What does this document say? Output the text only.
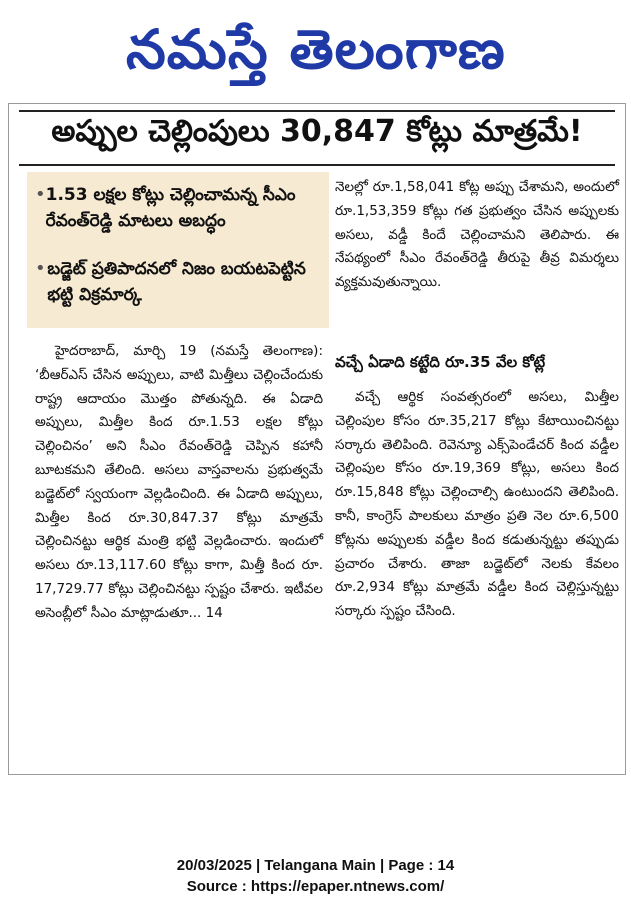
నమస్తే తెలంగాణ
అప్పుల చెల్లింపులు 30,847 కోట్లు మాత్రమే!
• 1.53 లక్షల కోట్లు చెల్లించామన్న సీఎం రేవంత్‌రెడ్డి మాటలు అబద్ధం
• బడ్జెట్ ప్రతిపాదనలో నిజం బయటపెట్టిన భట్టి విక్రమార్క

హైదరాబాద్, మార్చి 19 (నమస్తే తెలంగాణ): ‘బీఆర్ఎస్ చేసిన అప్పులు, వాటి మిత్తీలు చెల్లించేందుకు రాష్ట్ర ఆదాయం మొత్తం పోతున్నది. ఈ ఏడాది అప్పులు, మిత్తీల కింద రూ.1.53 లక్షల కోట్లు చెల్లించినం’ అని సీఎం రేవంత్‌రెడ్డి చెప్పిన కహానీ బూటకమని తేలింది. అసలు వాస్తవాలను ప్రభుత్వమే బడ్జెట్‌లో స్వయంగా వెల్లడించింది. ఈ ఏడాది అప్పులు, మిత్తీల కింద రూ.30,847.37 కోట్లు మాత్రమే చెల్లించినట్టు ఆర్థిక మంత్రి భట్టి వెల్లడించారు. ఇందులో అసలు రూ.13,117.60 కోట్లు కాగా, మిత్తీ కింద రూ. 17,729.77 కోట్లు చెల్లించినట్టు స్పష్టం చేశారు. ఇటీవల అసెంబ్లీలో సీఎం మాట్లాడుతూ... 14

నెలల్లో రూ.1,58,041 కోట్ల అప్పు చేశామని, అందులో రూ.1,53,359 కోట్లు గత ప్రభుత్వం చేసిన అప్పులకు అసలు, వడ్డీ కిందే చెల్లించామని తెలిపారు. ఈ నేపథ్యంలో సీఎం రేవంత్‌రెడ్డి తీరుపై తీవ్ర విమర్శలు వ్యక్తమవుతున్నాయి.

వచ్చే ఏడాది కట్టేది రూ.35 వేల కోట్లే

వచ్చే ఆర్థిక సంవత్సరంలో అసలు, మిత్తీల చెల్లింపుల కోసం రూ.35,217 కోట్లు కేటాయించినట్టు సర్కారు తెలిపింది. రెవెన్యూ ఎక్స్‌పెండేచర్ కింద వడ్డీల చెల్లింపుల కోసం రూ.19,369 కోట్లు, అసలు కింద రూ.15,848 కోట్లు చెల్లించాల్సి ఉంటుందని తెలిపింది. కానీ, కాంగ్రెస్ పాలకులు మాత్రం ప్రతి నెల రూ.6,500 కోట్లను అప్పులకు వడ్డీల కింద కడుతున్నట్టు తప్పుడు ప్రచారం చేశారు. తాజా బడ్జెట్‌లో నెలకు కేవలం రూ.2,934 కోట్లు మాత్రమే వడ్డీల కింద చెల్లిస్తున్నట్టు సర్కారు స్పష్టం చేసింది.

20/03/2025 | Telangana Main | Page : 14
Source : https://epaper.ntnews.com/
